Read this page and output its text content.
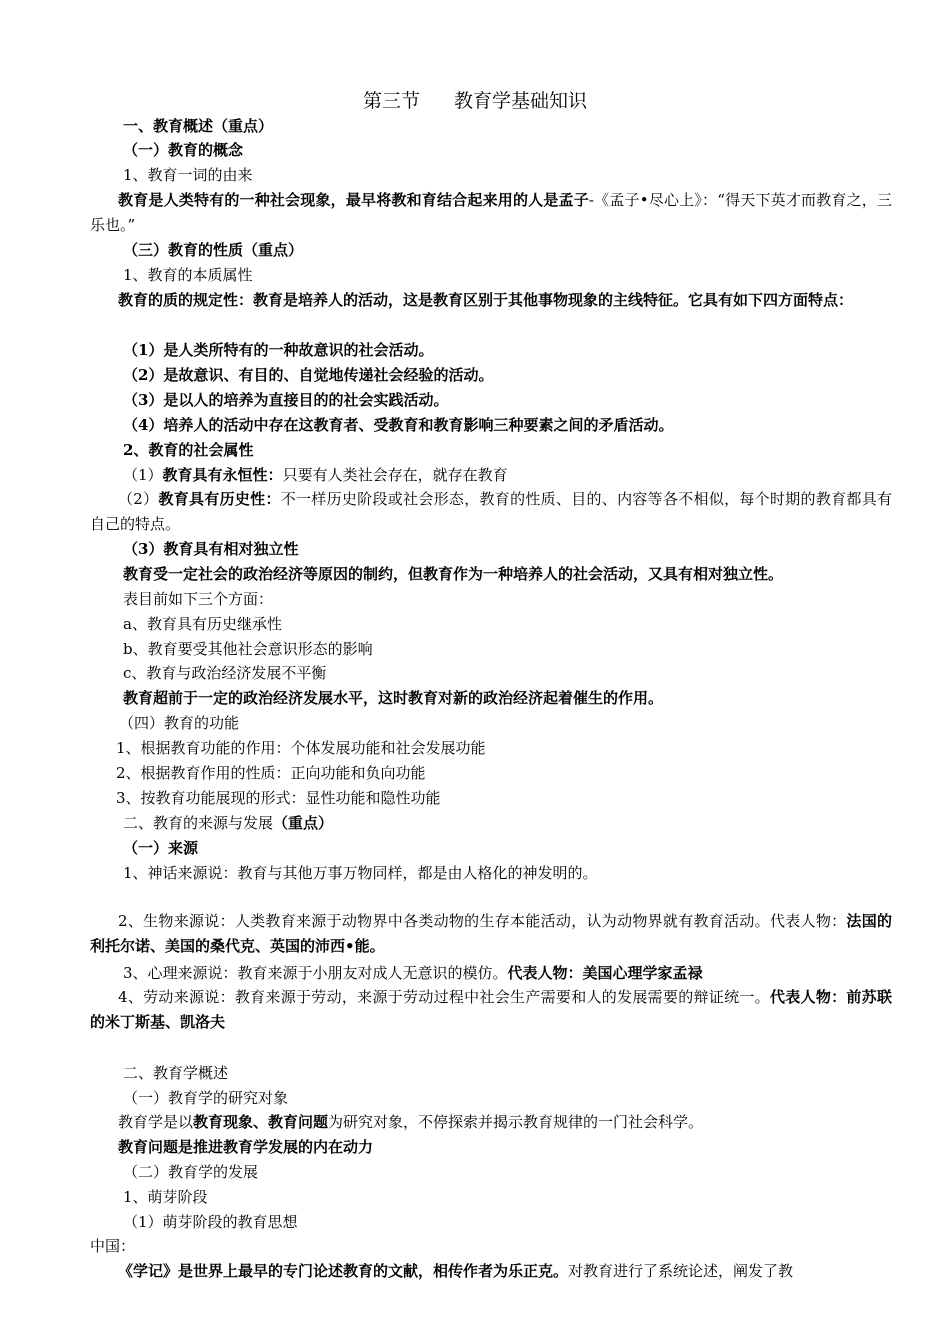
第三节 教育学基础知识
一、教育概述（重点）
（一）教育的概念
1、教育一词的由来
（三）教育的性质（重点）
1、教育的本质属性
（1）是人类所特有的一种故意识的社会活动。
（2）是故意识、有目的、自觉地传递社会经验的活动。
（3）是以人的培养为直接目的的社会实践活动。
（4）培养人的活动中存在这教育者、受教育和教育影响三种要素之间的矛盾活动。
2、教育的社会属性
（3）教育具有相对独立性
教育受一定社会的政治经济等原因的制约，但教育作为一种培养人的社会活动，又具有相对独立性。
表目前如下三个方面：
a、教育具有历史继承性
b、教育要受其他社会意识形态的影响
c、教育与政治经济发展不平衡
教育超前于一定的政治经济发展水平，这时教育对新的政治经济起着催生的作用。
（四）教育的功能
1、根据教育功能的作用：个体发展功能和社会发展功能
2、根据教育作用的性质：正向功能和负向功能
3、按教育功能展现的形式：显性功能和隐性功能
（一）来源
1、神话来源说：教育与其他万事万物同样，都是由人格化的神发明的。
二、教育学概述
（一）教育学的研究对象
教育问题是推进教育学发展的内在动力
（二）教育学的发展
1、萌芽阶段
（1）萌芽阶段的教育思想
中国：
教育是人类特有的一种社会现象，最早将教和育结合起来用的人是孟子-《孟子•尽心上》：“得天下英才而教育之，三乐也。”
教育的质的规定性：教育是培养人的活动，这是教育区别于其他事物现象的主线特征。它具有如下四方面特点：
（1）教育具有永恒性：只要有人类社会存在，就存在教育
（2）教育具有历史性：不一样历史阶段或社会形态，教育的性质、目的、内容等各不相似，每个时期的教育都具有自己的特点。
二、教育的来源与发展（重点）
2、生物来源说：人类教育来源于动物界中各类动物的生存本能活动，认为动物界就有教育活动。代表人物：法国的利托尔诺、美国的桑代克、英国的沛西•能。
3、心理来源说：教育来源于小朋友对成人无意识的模仿。代表人物：美国心理学家孟禄
4、劳动来源说：教育来源于劳动，来源于劳动过程中社会生产需要和人的发展需要的辩证统一。代表人物：前苏联的米丁斯基、凯洛夫
教育学是以教育现象、教育问题为研究对象，不停探索并揭示教育规律的一门社会科学。
《学记》是世界上最早的专门论述教育的文献，相传作者为乐正克。对教育进行了系统论述，阐发了教
